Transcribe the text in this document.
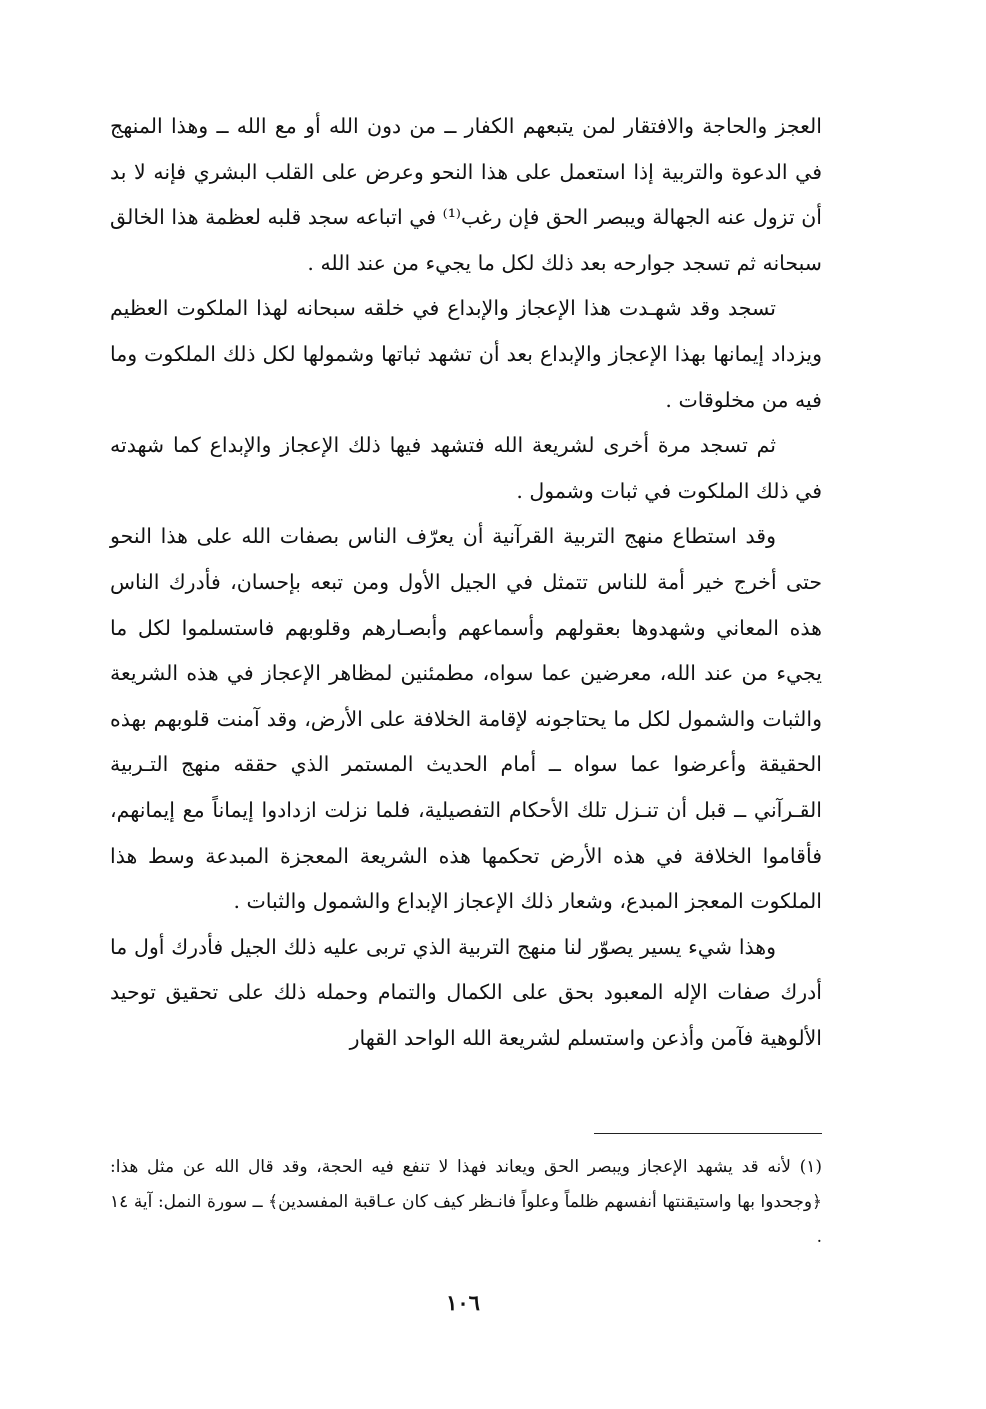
العجز والحاجة والافتقار لمن يتبعهم الكفار ــ من دون الله أو مع الله ــ وهذا المنهج في الدعوة والتربية إذا استعمل على هذا النحو وعرض على القلب البشري فإنه لا بد أن تزول عنه الجهالة ويبصر الحق فإن رغب⁽¹⁾ في اتباعه سجد قلبه لعظمة هذا الخالق سبحانه ثم تسجد جوارحه بعد ذلك لكل ما يجيء من عند الله .

تسجد وقد شهـدت هذا الإعجاز والإبداع في خلقه سبحانه لهذا الملكوت العظيم ويزداد إيمانها بهذا الإعجاز والإبداع بعد أن تشهد ثباتها وشمولها لكل ذلك الملكوت وما فيه من مخلوقات .

ثم تسجد مرة أخرى لشريعة الله فتشهد فيها ذلك الإعجاز والإبداع كما شهدته في ذلك الملكوت في ثبات وشمول .

وقد استطاع منهج التربية القرآنية أن يعرّف الناس بصفات الله على هذا النحو حتى أخرج خير أمة للناس تتمثل في الجيل الأول ومن تبعه بإحسان، فأدرك الناس هذه المعاني وشهدوها بعقولهم وأسماعهم وأبصـارهم وقلوبهم فاستسلموا لكل ما يجيء من عند الله، معرضين عما سواه، مطمئنين لمظاهر الإعجاز في هذه الشريعة والثبات والشمول لكل ما يحتاجونه لإقامة الخلافة على الأرض، وقد آمنت قلوبهم بهذه الحقيقة وأعرضوا عما سواه ــ أمام الحديث المستمر الذي حققه منهج التـربية القـرآني ــ قبل أن تنـزل تلك الأحكام التفصيلية، فلما نزلت ازدادوا إيماناً مع إيمانهم، فأقاموا الخلافة في هذه الأرض تحكمها هذه الشريعة المعجزة المبدعة وسط هذا الملكوت المعجز المبدع، وشعار ذلك الإعجاز الإبداع والشمول والثبات .

وهذا شيء يسير يصوّر لنا منهج التربية الذي تربى عليه ذلك الجيل فأدرك أول ما أدرك صفات الإله المعبود بحق على الكمال والتمام وحمله ذلك على تحقيق توحيد الألوهية فآمن وأذعن واستسلم لشريعة الله الواحد القهار

(١) لأنه قد يشهد الإعجاز ويبصر الحق ويعاند فهذا لا تنفع فيه الحجة، وقد قال الله عن مثل هذا: ﴿وجحدوا بها واستيقنتها أنفسهم ظلماً وعلواً فانـظر كيف كان عـاقبة المفسدين﴾ ــ سورة النمل: آية ١٤ .

١٠٦
